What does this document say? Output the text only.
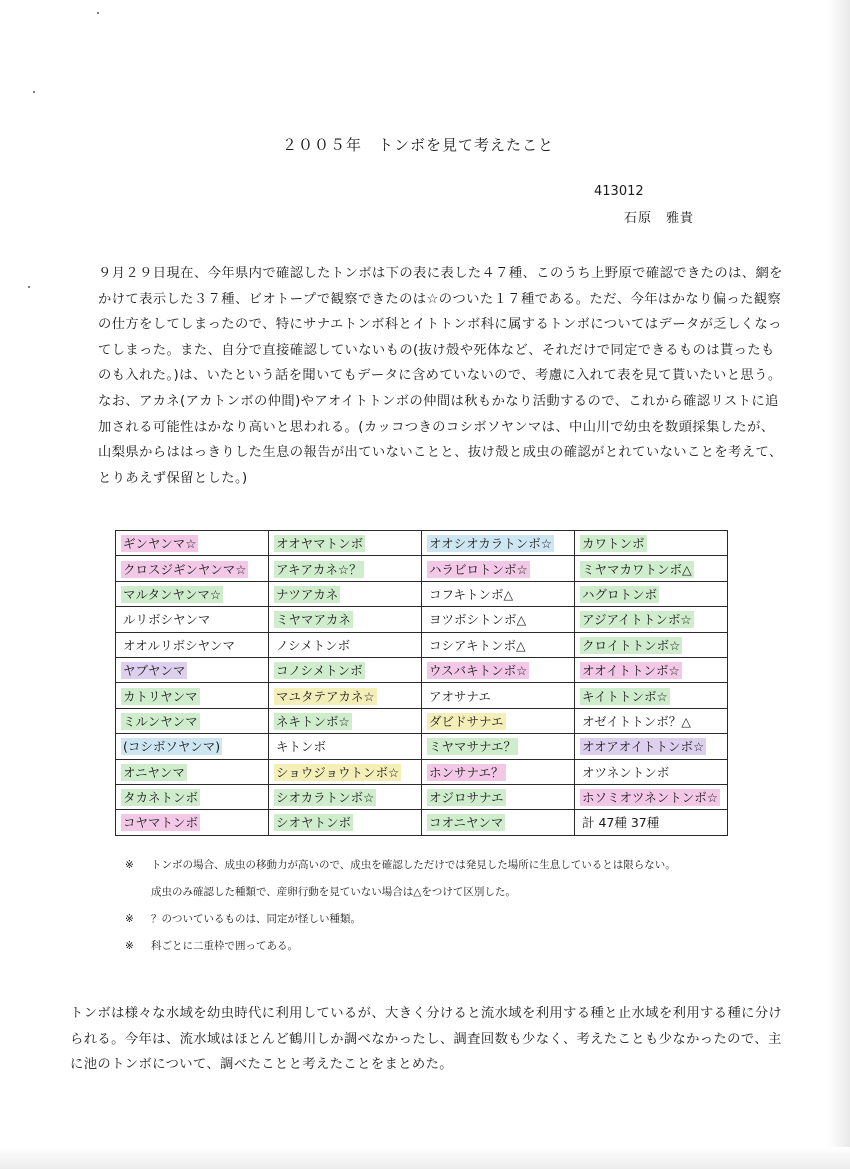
２００５年　トンボを見て考えたこと
413012
石原　雅貴

９月２９日現在、今年県内で確認したトンボは下の表に表した４７種、このうち上野原で確認できたのは、網をかけて表示した３７種、ビオトープで観察できたのは☆のついた１７種である。ただ、今年はかなり偏った観察の仕方をしてしまったので、特にサナエトンボ科とイトトンボ科に属するトンボについてはデータが乏しくなってしまった。また、自分で直接確認していないもの(抜け殻や死体など、それだけで同定できるものは貰ったものも入れた。)は、いたという話を聞いてもデータに含めていないので、考慮に入れて表を見て貰いたいと思う。なお、アカネ(アカトンボの仲間)やアオイトトンボの仲間は秋もかなり活動するので、これから確認リストに追加される可能性はかなり高いと思われる。(カッコつきのコシボソヤンマは、中山川で幼虫を数頭採集したが、山梨県からははっきりした生息の報告が出ていないことと、抜け殻と成虫の確認がとれていないことを考えて、とりあえず保留とした。)

ギンヤンマ☆	オオヤマトンボ	オオシオカラトンボ☆	カワトンボ
クロスジギンヤンマ☆	アキアカネ☆？	ハラビロトンボ☆	ミヤマカワトンボ△
マルタンヤンマ☆	ナツアカネ	コフキトンボ△	ハグロトンボ
ルリボシヤンマ	ミヤマアカネ	ヨツボシトンボ△	アジアイトトンボ☆
オオルリボシヤンマ	ノシメトンボ	コシアキトンボ△	クロイトトンボ☆
ヤブヤンマ	コノシメトンボ	ウスバキトンボ☆	オオイトトンボ☆
カトリヤンマ	マユタテアカネ☆	アオサナエ	キイトトンボ☆
ミルンヤンマ	ネキトンボ☆	ダビドサナエ	オゼイトトンボ？△
(コシボソヤンマ)	キトンボ	ミヤマサナエ？	オオアオイトトンボ☆
オニヤンマ	ショウジョウトンボ☆	ホンサナエ？	オツネントンボ
タカネトンボ	シオカラトンボ☆	オジロサナエ	ホソミオツネントンボ☆
コヤマトンボ	シオヤトンボ	コオニヤンマ	計 47種 37種
※	トンボの場合、成虫の移動力が高いので、成虫を確認しただけでは発見した場所に生息しているとは限らない。
成虫のみ確認した種類で、産卵行動を見ていない場合は△をつけて区別した。
※	？のついているものは、同定が怪しい種類。
※	科ごとに二重枠で囲ってある。

トンボは様々な水域を幼虫時代に利用しているが、大きく分けると流水域を利用する種と止水域を利用する種に分けられる。今年は、流水域はほとんど鶴川しか調べなかったし、調査回数も少なく、考えたことも少なかったので、主に池のトンボについて、調べたことと考えたことをまとめた。
